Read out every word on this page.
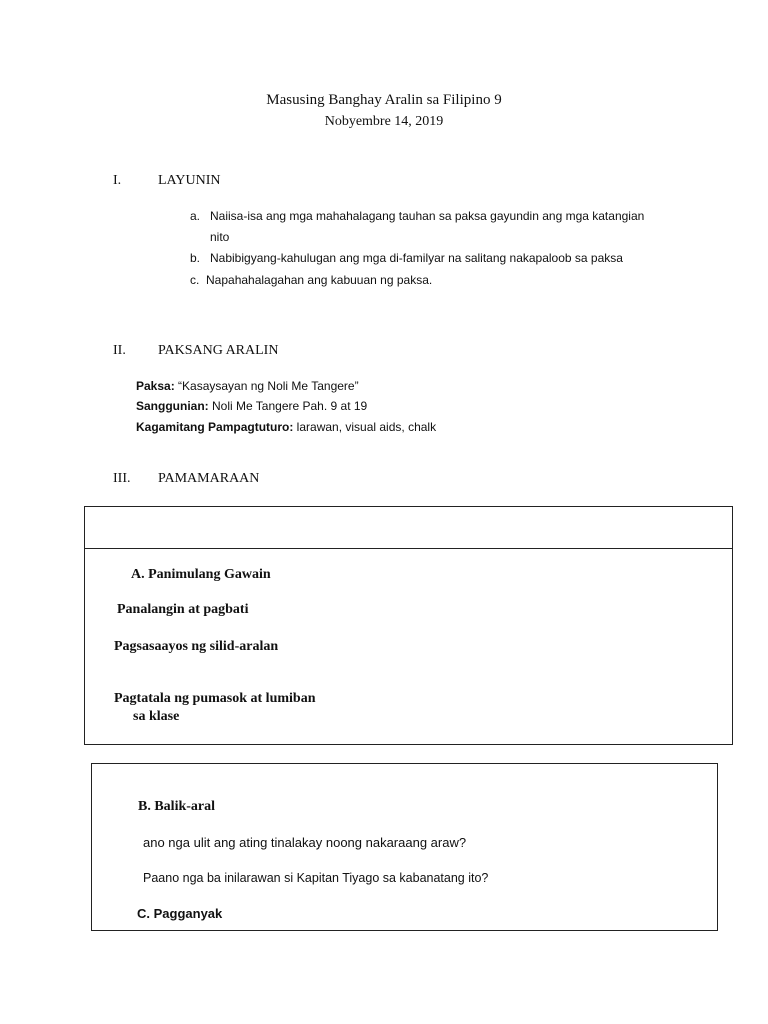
Masusing Banghay Aralin sa Filipino 9
Nobyembre 14, 2019
I.	LAYUNIN
a. Naiisa-isa ang mga mahahalagang tauhan sa paksa gayundin ang mga katangian
nito
b. Nabibigyang-kahulugan ang mga di-familyar na salitang nakapaloob sa paksa
c. Napahahalagahan ang kabuuan ng paksa.
II. PAKSANG ARALIN
Paksa: “Kasaysayan ng Noli Me Tangere”
Sanggunian: Noli Me Tangere Pah. 9 at 19
Kagamitang Pampagtuturo: larawan, visual aids, chalk
III. PAMAMARAAN
A. Panimulang Gawain
Panalangin at pagbati
Pagsasaayos ng silid-aralan
Pagtatala ng pumasok at lumiban
sa klase
B. Balik-aral
ano nga ulit ang ating tinalakay noong nakaraang araw?
Paano nga ba inilarawan si Kapitan Tiyago sa kabanatang ito?
C. Pagganyak
